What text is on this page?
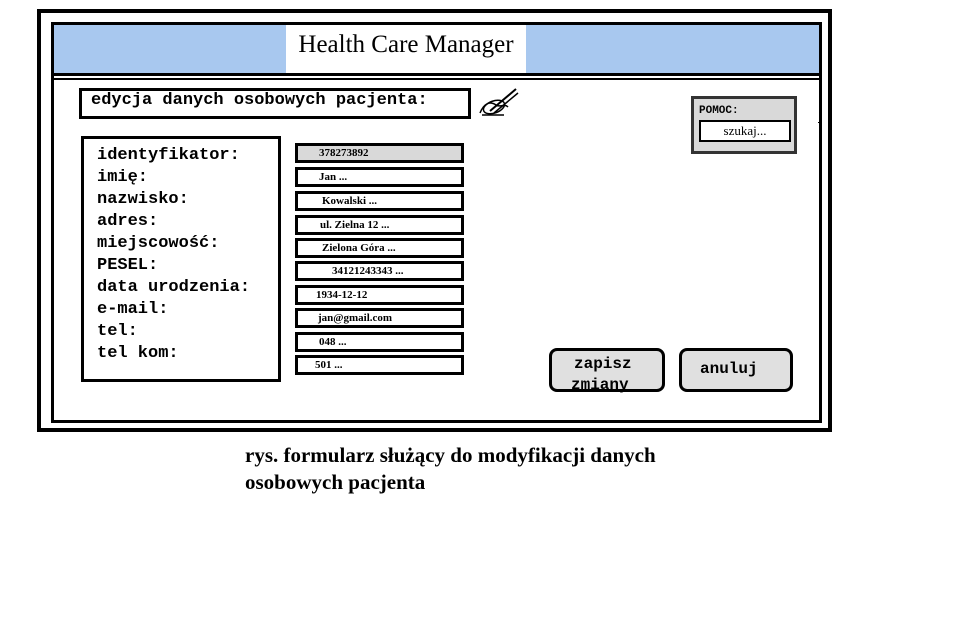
Health Care Manager
edycja danych osobowych pacjenta:
POMOC:
szukaj...
identyfikator:
imię:
nazwisko:
adres:
miejscowość:
PESEL:
data urodzenia:
e-mail:
tel:
tel kom:
378273892
Jan ...
Kowalski ...
ul. Zielna 12 ...
Zielona Góra ...
34121243343 ...
1934-12-12
jan@gmail.com
048 ...
501 ...	zapisz
zmiany
anuluj
rys. formularz służący do modyfikacji danych
osobowych pacjenta
